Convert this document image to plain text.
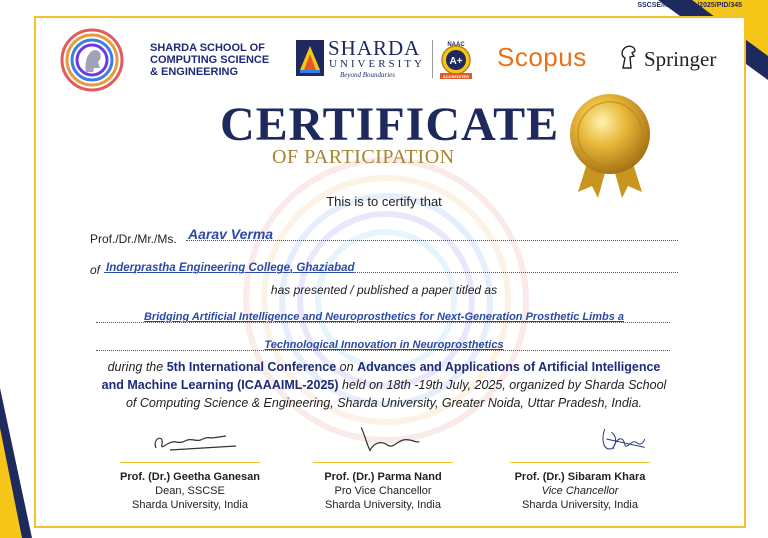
SSCSE/ICAAAIML/2025/PID/345
SHARDA SCHOOL OF
COMPUTING SCIENCE
& ENGINEERING
SHARDA
UNIVERSITY
Beyond Boundaries
A+
NAAC
ACCREDITED
Scopus	Springer
CERTIFICATE
OF PARTICIPATION
This is to certify that
Prof./Dr./Mr./Ms. Aarav Verma
of Inderprastha Engineering College, Ghaziabad
has presented / published a paper titled as
Bridging Artificial Intelligence and Neuroprosthetics for Next-Generation Prosthetic Limbs a
Technological Innovation in Neuroprosthetics
during the 5th International Conference on Advances and Applications of Artificial Intelligence and Machine Learning (ICAAAIML-2025) held on 18th -19th July, 2025, organized by Sharda School of Computing Science & Engineering, Sharda University, Greater Noida, Uttar Pradesh, India.
Prof. (Dr.) Geetha Ganesan
Dean, SSCSE
Sharda University, India
Prof. (Dr.) Parma Nand
Pro Vice Chancellor
Sharda University, India
Prof. (Dr.) Sibaram Khara
Vice Chancellor
Sharda University, India
